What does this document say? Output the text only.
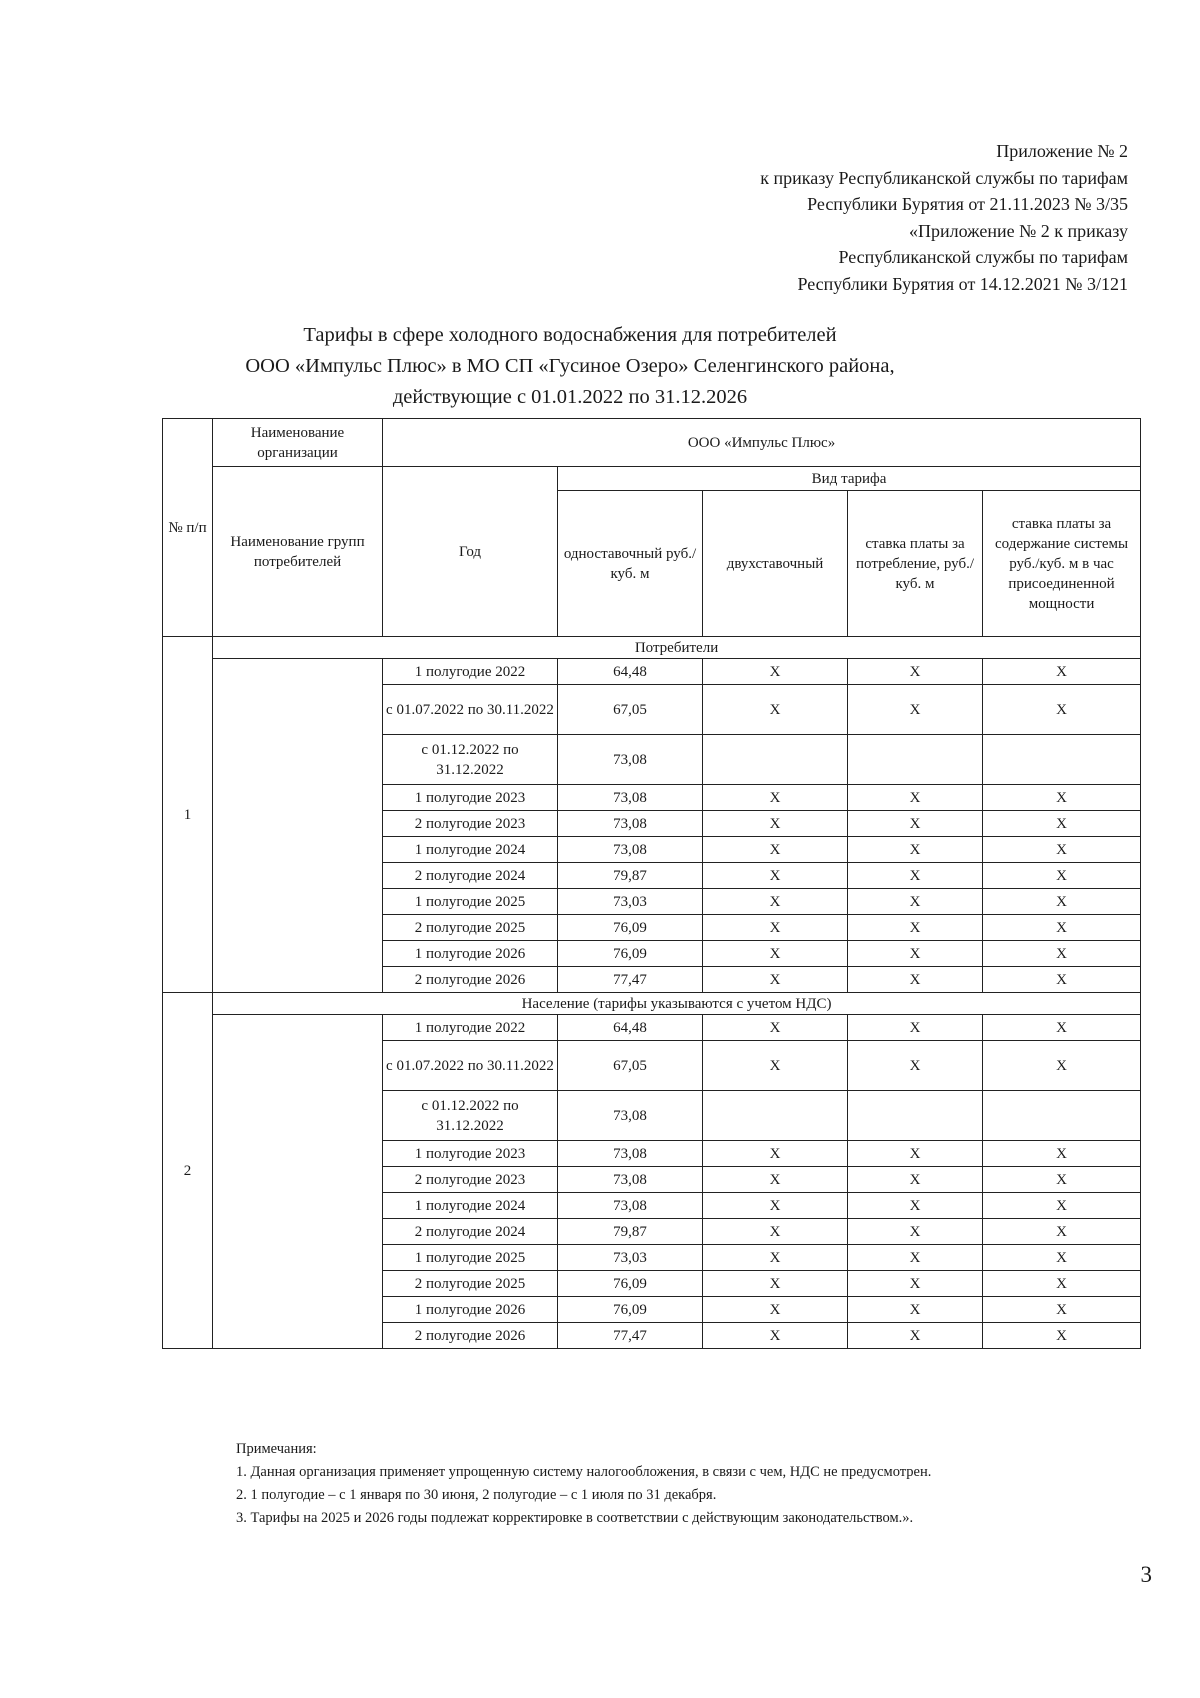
Приложение № 2
к приказу Республиканской службы по тарифам
Республики Бурятия от 21.11.2023 № 3/35
«Приложение № 2 к приказу
Республиканской службы по тарифам
Республики Бурятия от 14.12.2021 № 3/121
Тарифы в сфере холодного водоснабжения для потребителей
ООО «Импульс Плюс» в МО СП «Гусиное Озеро» Селенгинского района,
действующие с 01.01.2022 по 31.12.2026
№ п/п	Наименование организации	ООО «Импульс Плюс»				
	Наименование групп потребителей	Год	Вид тарифа			
			одноставочный руб./ куб. м	двухставочный	ставка платы за потребление, руб./ куб. м	ставка платы за содержание системы руб./куб. м в час присоединенной мощности
1	Потребители					
		1 полугодие 2022	64,48	X	X	X
		с 01.07.2022 по 30.11.2022	67,05	X	X	X
		с 01.12.2022 по 31.12.2022	73,08			
		1 полугодие 2023	73,08	X	X	X
		2 полугодие 2023	73,08	X	X	X
		1 полугодие 2024	73,08	X	X	X
		2 полугодие 2024	79,87	X	X	X
		1 полугодие 2025	73,03	X	X	X
		2 полугодие 2025	76,09	X	X	X
		1 полугодие 2026	76,09	X	X	X
		2 полугодие 2026	77,47	X	X	X
2	Население (тарифы указываются с учетом НДС)					
		1 полугодие 2022	64,48	X	X	X
		с 01.07.2022 по 30.11.2022	67,05	X	X	X
		с 01.12.2022 по 31.12.2022	73,08			
		1 полугодие 2023	73,08	X	X	X
		2 полугодие 2023	73,08	X	X	X
		1 полугодие 2024	73,08	X	X	X
		2 полугодие 2024	79,87	X	X	X
		1 полугодие 2025	73,03	X	X	X
		2 полугодие 2025	76,09	X	X	X
		1 полугодие 2026	76,09	X	X	X
		2 полугодие 2026	77,47	X	X	X
Примечания:
1. Данная организация применяет упрощенную систему налогообложения, в связи с чем, НДС не предусмотрен.
2. 1 полугодие – с 1 января по 30 июня, 2 полугодие – с 1 июля по 31 декабря.
3. Тарифы на 2025 и 2026 годы подлежат корректировке в соответствии с действующим законодательством.».
3
